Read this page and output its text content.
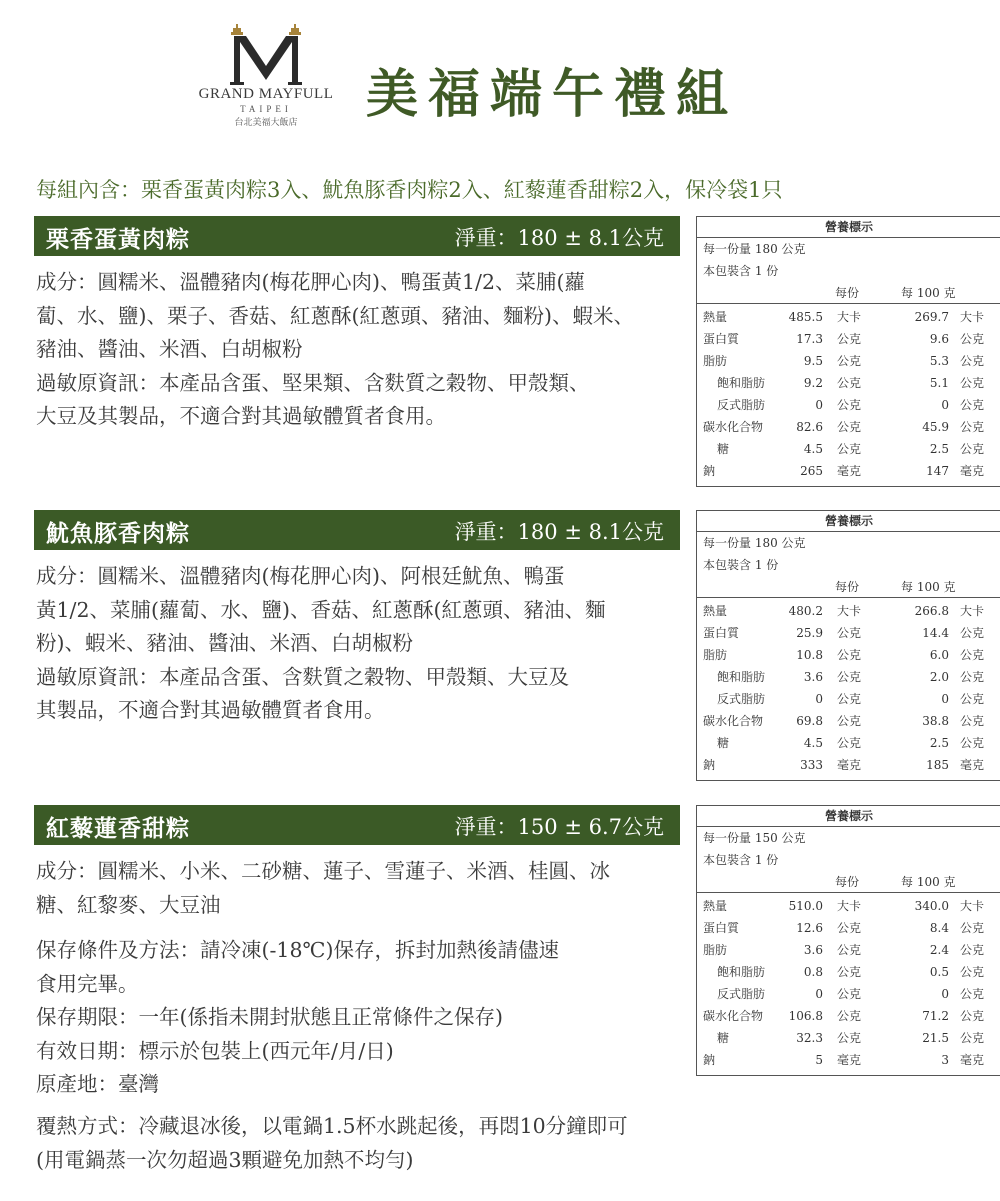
GRAND MAYFULL
TAIPEI
台北美福大飯店	美福端午禮組
每組內含：栗香蛋黃肉粽3入、魷魚豚香肉粽2入、紅藜蓮香甜粽2入，保冷袋1只
栗香蛋黃肉粽	淨重：180 ± 8.1公克

成分：圓糯米、溫體豬肉(梅花胛心肉)、鴨蛋黃1/2、菜脯(蘿

蔔、水、鹽)、栗子、香菇、紅蔥酥(紅蔥頭、豬油、麵粉)、蝦米、

豬油、醬油、米酒、白胡椒粉

過敏原資訊：本產品含蛋、堅果類、含麩質之穀物、甲殼類、

大豆及其製品，不適合對其過敏體質者食用。

營養標示
每一份量 180 公克
本包裝含 1 份
每份	每 100 克
熱量	485.5 大卡	269.7 大卡
蛋白質	17.3 公克	9.6 公克
脂肪	9.5 公克	5.3 公克
飽和脂肪	9.2 公克	5.1 公克
反式脂肪	0 公克	0 公克
碳水化合物	82.6 公克	45.9 公克
糖	4.5 公克	2.5 公克
鈉	265 毫克	147 毫克
魷魚豚香肉粽	淨重：180 ± 8.1公克

成分：圓糯米、溫體豬肉(梅花胛心肉)、阿根廷魷魚、鴨蛋

黃1/2、菜脯(蘿蔔、水、鹽)、香菇、紅蔥酥(紅蔥頭、豬油、麵

粉)、蝦米、豬油、醬油、米酒、白胡椒粉

過敏原資訊：本產品含蛋、含麩質之穀物、甲殼類、大豆及

其製品，不適合對其過敏體質者食用。

營養標示
每一份量 180 公克
本包裝含 1 份
每份	每 100 克
熱量	480.2 大卡	266.8 大卡
蛋白質	25.9 公克	14.4 公克
脂肪	10.8 公克	6.0 公克
飽和脂肪	3.6 公克	2.0 公克
反式脂肪	0 公克	0 公克
碳水化合物	69.8 公克	38.8 公克
糖	4.5 公克	2.5 公克
鈉	333 毫克	185 毫克
紅藜蓮香甜粽	淨重：150 ± 6.7公克

成分：圓糯米、小米、二砂糖、蓮子、雪蓮子、米酒、桂圓、冰

糖、紅黎麥、大豆油

營養標示
每一份量 150 公克
本包裝含 1 份
每份	每 100 克
熱量	510.0 大卡	340.0 大卡
蛋白質	12.6 公克	8.4 公克
脂肪	3.6 公克	2.4 公克
飽和脂肪	0.8 公克	0.5 公克
反式脂肪	0 公克	0 公克
碳水化合物 106.8 公克	71.2 公克
糖	32.3 公克	21.5 公克
鈉	5 毫克	3 毫克

保存條件及方法：請冷凍(-18℃)保存，拆封加熱後請儘速

食用完畢。

保存期限：一年(係指未開封狀態且正常條件之保存)

有效日期：標示於包裝上(西元年/月/日)

原產地：臺灣

覆熱方式：冷藏退冰後，以電鍋1.5杯水跳起後，再悶10分鐘即可

(用電鍋蒸一次勿超過3顆避免加熱不均勻)
